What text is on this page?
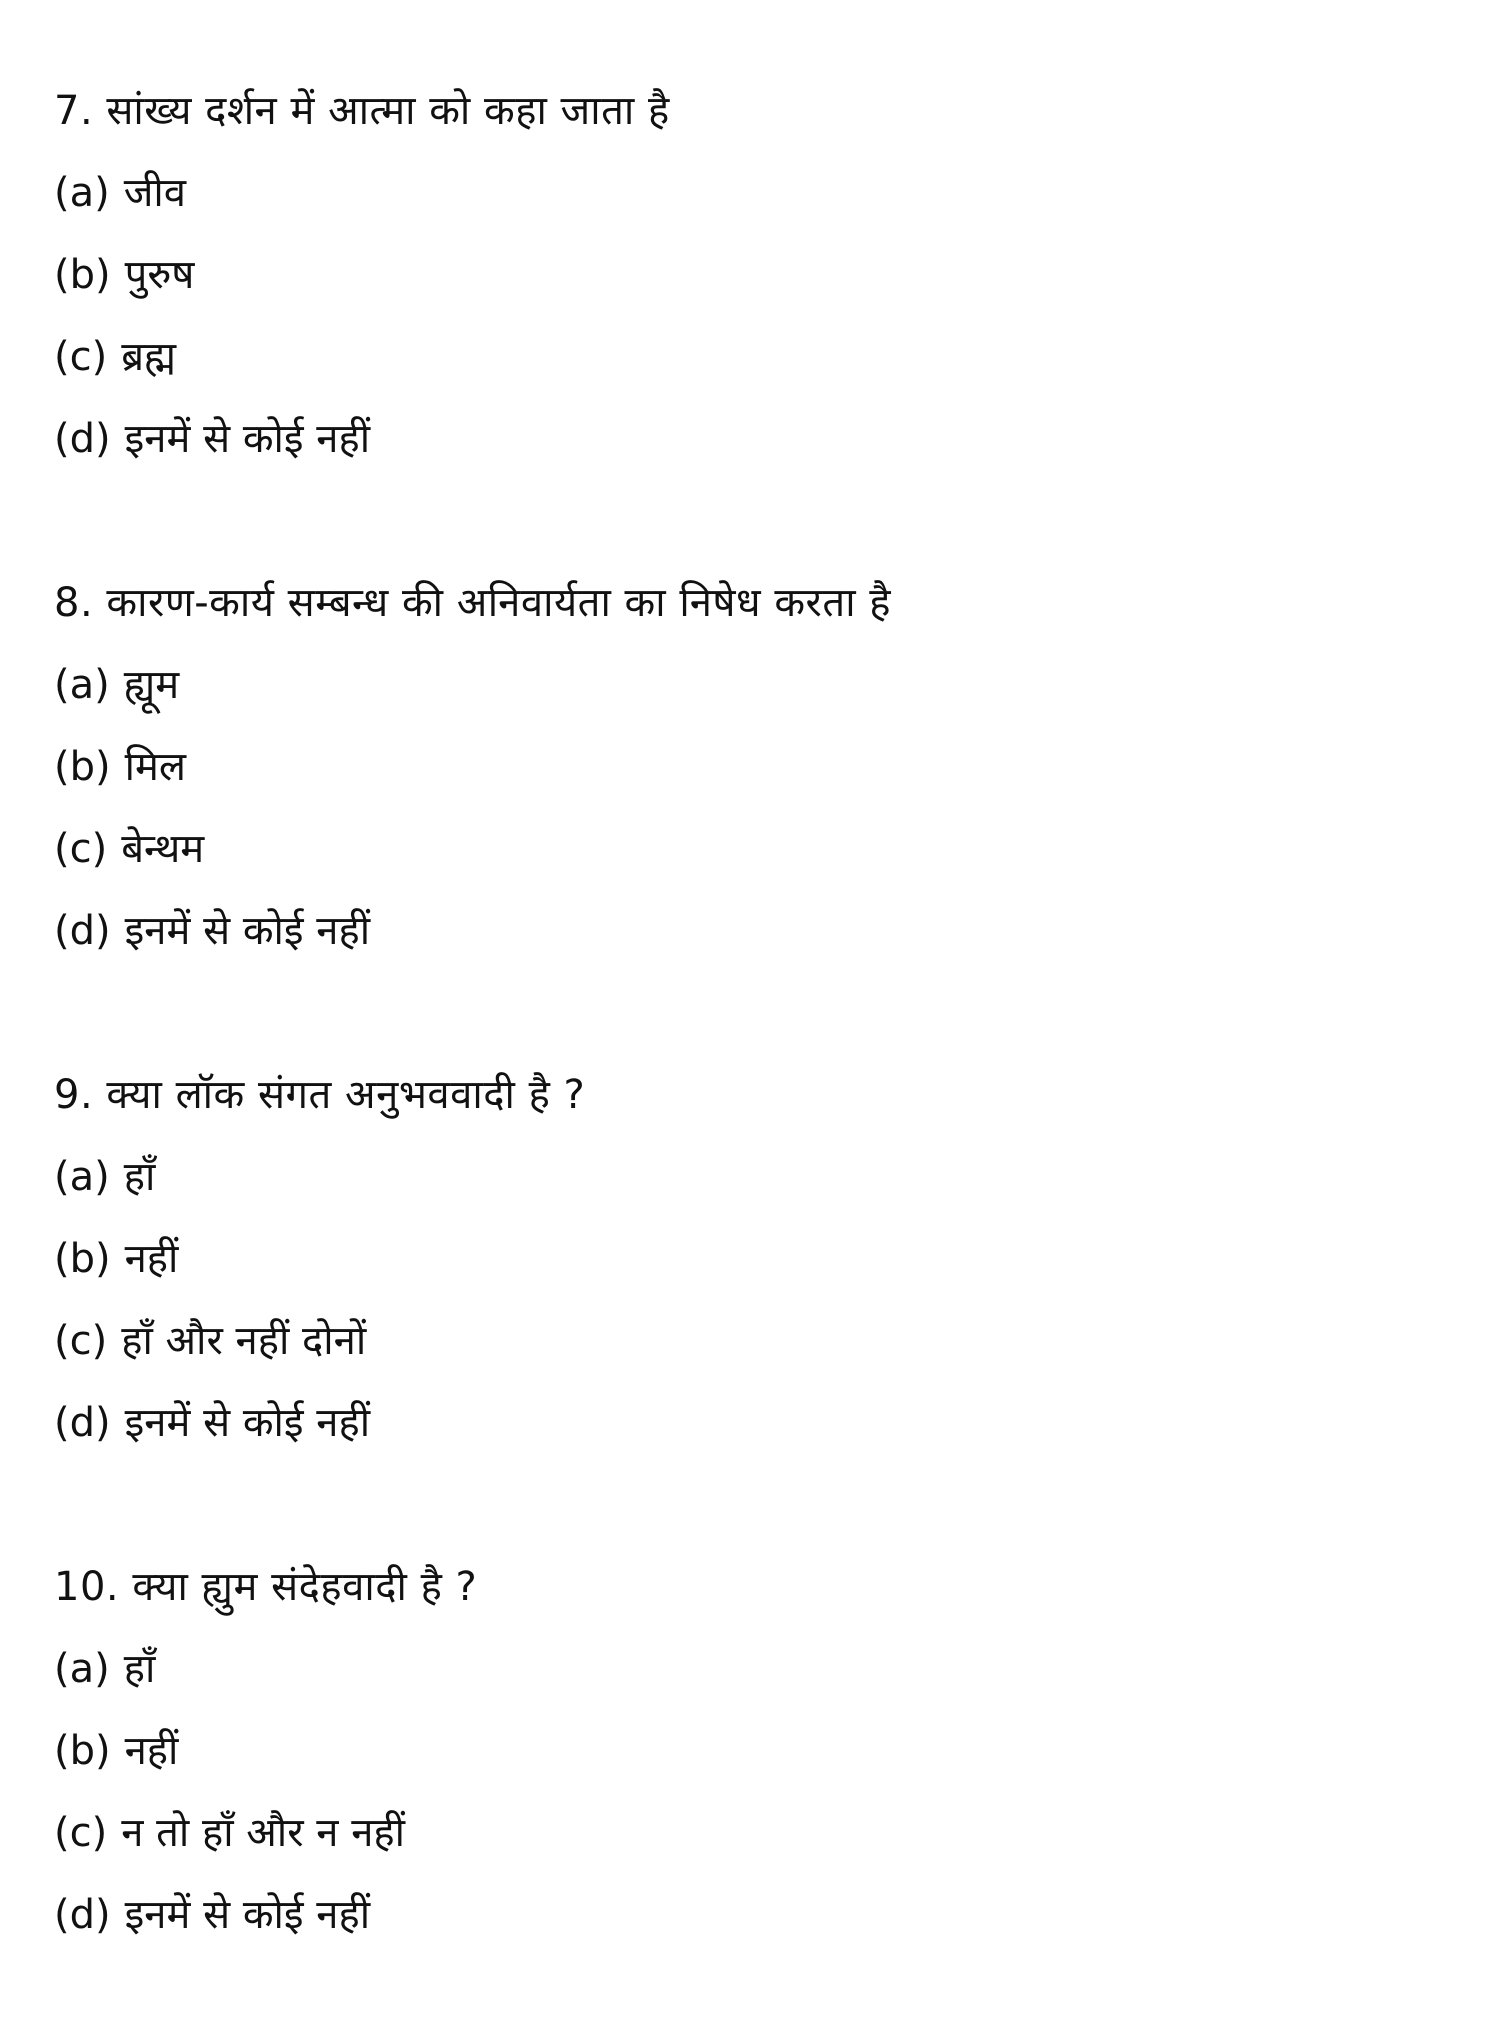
7. सांख्य दर्शन में आत्मा को कहा जाता है
(a) जीव
(b) पुरुष
(c) ब्रह्म
(d) इनमें से कोई नहीं
8. कारण-कार्य सम्बन्ध की अनिवार्यता का निषेध करता है
(a) ह्यूम
(b) मिल
(c) बेन्थम
(d) इनमें से कोई नहीं
9. क्या लॉक संगत अनुभववादी है ?
(a) हाँ
(b) नहीं
(c) हाँ और नहीं दोनों
(d) इनमें से कोई नहीं
10. क्या ह्युम संदेहवादी है ?
(a) हाँ
(b) नहीं
(c) न तो हाँ और न नहीं
(d) इनमें से कोई नहीं
